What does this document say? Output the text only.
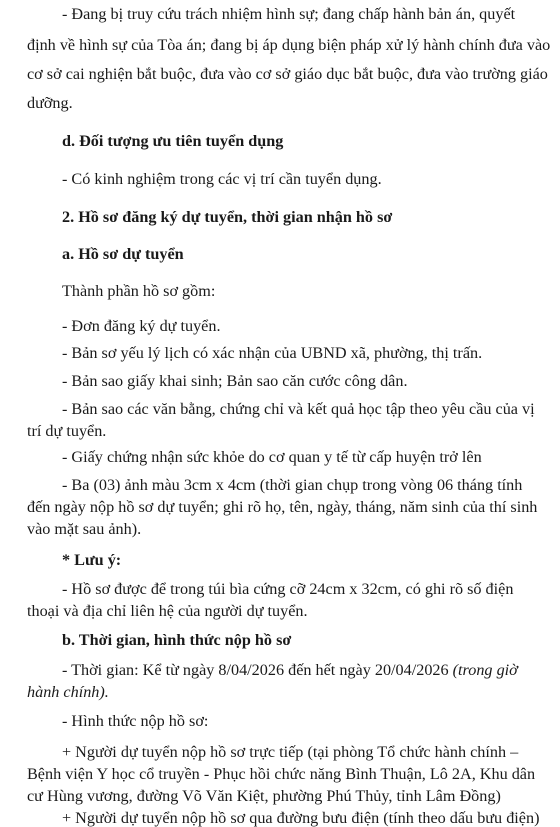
- Đang bị truy cứu trách nhiệm hình sự; đang chấp hành bản án, quyết
định về hình sự của Tòa án; đang bị áp dụng biện pháp xử lý hành chính đưa vào
cơ sở cai nghiện bắt buộc, đưa vào cơ sở giáo dục bắt buộc, đưa vào trường giáo
dưỡng.
d. Đối tượng ưu tiên tuyển dụng
- Có kinh nghiệm trong các vị trí cần tuyển dụng.
2. Hồ sơ đăng ký dự tuyển, thời gian nhận hồ sơ
a. Hồ sơ dự tuyển
Thành phần hồ sơ gồm:
- Đơn đăng ký dự tuyển.
- Bản sơ yếu lý lịch có xác nhận của UBND xã, phường, thị trấn.
- Bản sao giấy khai sinh; Bản sao căn cước công dân.
- Bản sao các văn bằng, chứng chỉ và kết quả học tập theo yêu cầu của vị
trí dự tuyển.
- Giấy chứng nhận sức khỏe do cơ quan y tế từ cấp huyện trở lên
- Ba (03) ảnh màu 3cm x 4cm (thời gian chụp trong vòng 06 tháng tính
đến ngày nộp hồ sơ dự tuyển; ghi rõ họ, tên, ngày, tháng, năm sinh của thí sinh
vào mặt sau ảnh).
* Lưu ý:
- Hồ sơ được để trong túi bìa cứng cỡ 24cm x 32cm, có ghi rõ số điện
thoại và địa chỉ liên hệ của người dự tuyển.
b. Thời gian, hình thức nộp hồ sơ
- Thời gian: Kể từ ngày 8/04/2026 đến hết ngày 20/04/2026 (trong giờ
hành chính).
- Hình thức nộp hồ sơ:
+ Người dự tuyển nộp hồ sơ trực tiếp (tại phòng Tổ chức hành chính –
Bệnh viện Y học cổ truyền - Phục hồi chức năng Bình Thuận, Lô 2A, Khu dân
cư Hùng vương, đường Võ Văn Kiệt, phường Phú Thủy, tỉnh Lâm Đồng)
+ Người dự tuyển nộp hồ sơ qua đường bưu điện (tính theo dấu bưu điện)
